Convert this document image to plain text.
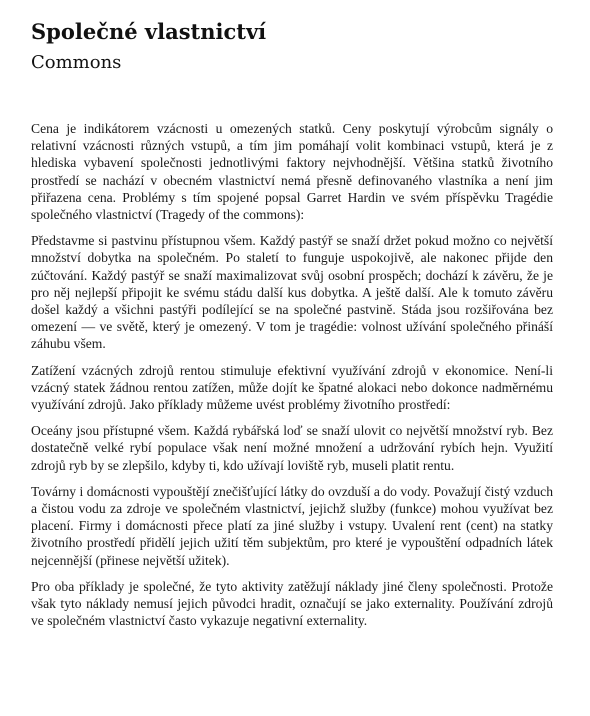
Společné vlastnictví
Commons

Cena je indikátorem vzácnosti u omezených statků. Ceny poskytují výrobcům signály o relativní vzácnosti různých vstupů, a tím jim pomáhají volit kombinaci vstupů, která je z hlediska vybavení společnosti jednotlivými faktory nejvhodnější. Většina statků životního prostředí se nachází v obecném vlastnictví nemá přesně definovaného vlastníka a není jim přiřazena cena. Problémy s tím spojené popsal Garret Hardin ve svém příspěvku Tragédie společného vlastnictví (Tragedy of the commons):

Představme si pastvinu přístupnou všem. Každý pastýř se snaží držet pokud možno co největší množství dobytka na společném. Po staletí to funguje uspokojivě, ale nakonec přijde den zúčtování. Každý pastýř se snaží maximalizovat svůj osobní prospěch; dochází k závěru, že je pro něj nejlepší připojit ke svému stádu další kus dobytka. A ještě další. Ale k tomuto závěru došel každý a všichni pastýři podílející se na společné pastvině. Stáda jsou rozšiřována bez omezení — ve světě, který je omezený. V tom je tragédie: volnost užívání společného přináší záhubu všem.

Zatížení vzácných zdrojů rentou stimuluje efektivní využívání zdrojů v ekonomice. Není-li vzácný statek žádnou rentou zatížen, může dojít ke špatné alokaci nebo dokonce nadměrnému využívání zdrojů. Jako příklady můžeme uvést problémy životního prostředí:

Oceány jsou přístupné všem. Každá rybářská loď se snaží ulovit co největší množství ryb. Bez dostatečně velké rybí populace však není možné množení a udržování rybích hejn. Využití zdrojů ryb by se zlepšilo, kdyby ti, kdo užívají loviště ryb, museli platit rentu.

Továrny i domácnosti vypouštějí znečišťující látky do ovzduší a do vody. Považují čistý vzduch a čistou vodu za zdroje ve společném vlastnictví, jejichž služby (funkce) mohou využívat bez placení. Firmy i domácnosti přece platí za jiné služby i vstupy. Uvalení rent (cent) na statky životního prostředí přidělí jejich užití těm subjektům, pro které je vypouštění odpadních látek nejcennější (přinese největší užitek).

Pro oba příklady je společné, že tyto aktivity zatěžují náklady jiné členy společnosti. Protože však tyto náklady nemusí jejich původci hradit, označují se jako externality. Používání zdrojů ve společném vlastnictví často vykazuje negativní externality.
